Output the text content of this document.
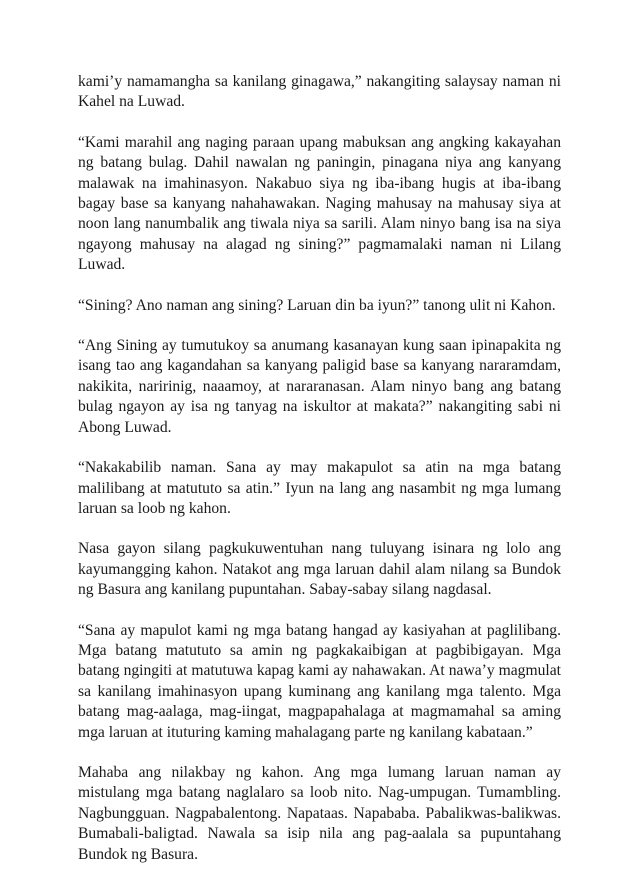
kami’y namamangha sa kanilang ginagawa,” nakangiting salaysay naman ni Kahel na Luwad.

“Kami marahil ang naging paraan upang mabuksan ang angking kakayahan ng batang bulag. Dahil nawalan ng paningin, pinagana niya ang kanyang malawak na imahinasyon. Nakabuo siya ng iba-ibang hugis at iba-ibang bagay base sa kanyang nahahawakan. Naging mahusay na mahusay siya at noon lang nanumbalik ang tiwala niya sa sarili. Alam ninyo bang isa na siya ngayong mahusay na alagad ng sining?” pagmamalaki naman ni Lilang Luwad.

“Sining? Ano naman ang sining? Laruan din ba iyun?” tanong ulit ni Kahon.

“Ang Sining ay tumutukoy sa anumang kasanayan kung saan ipinapakita ng isang tao ang kagandahan sa kanyang paligid base sa kanyang nararamdam, nakikita, naririnig, naaamoy, at nararanasan. Alam ninyo bang ang batang bulag ngayon ay isa ng tanyag na iskultor at makata?” nakangiting sabi ni Abong Luwad.

“Nakakabilib naman. Sana ay may makapulot sa atin na mga batang malilibang at matututo sa atin.” Iyun na lang ang nasambit ng mga lumang laruan sa loob ng kahon.

Nasa gayon silang pagkukuwentuhan nang tuluyang isinara ng lolo ang kayumangging kahon. Natakot ang mga laruan dahil alam nilang sa Bundok ng Basura ang kanilang pupuntahan. Sabay-sabay silang nagdasal.

“Sana ay mapulot kami ng mga batang hangad ay kasiyahan at paglilibang. Mga batang matututo sa amin ng pagkakaibigan at pagbibigayan. Mga batang ngingiti at matutuwa kapag kami ay nahawakan. At nawa’y magmulat sa kanilang imahinasyon upang kuminang ang kanilang mga talento. Mga batang mag-aalaga, mag-iingat, magpapahalaga at magmamahal sa aming mga laruan at ituturing kaming mahalagang parte ng kanilang kabataan.”

Mahaba ang nilakbay ng kahon. Ang mga lumang laruan naman ay mistulang mga batang naglalaro sa loob nito. Nag-umpugan. Tumambling. Nagbungguan. Nagpabalentong. Napataas. Napababa. Pabalikwas-balikwas. Bumabali-baligtad. Nawala sa isip nila ang pag-aalala sa pupuntahang Bundok ng Basura.
